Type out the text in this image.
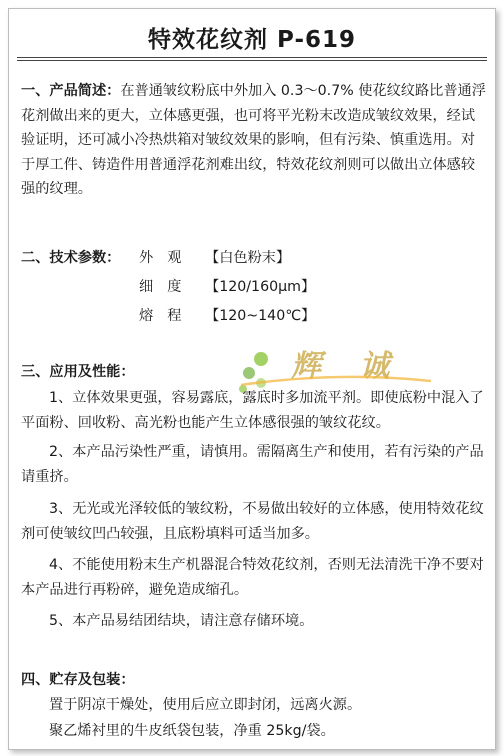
特效花纹剂 P-619
一、产品简述：在普通皱纹粉底中外加入 0.3～0.7% 使花纹纹路比普通浮花剂做出来的更大，立体感更强，也可将平光粉末改造成皱纹效果，经试验证明，还可减小冷热烘箱对皱纹效果的影响，但有污染、慎重选用。对于厚工件、铸造件用普通浮花剂难出纹，特效花纹剂则可以做出立体感较强的纹理。
二、技术参数： 外观 【白色粉末】
细度 【120/160μm】
熔程 【120~140℃】
辉 诚
三、应用及性能：
1、立体效果更强，容易露底，露底时多加流平剂。即使底粉中混入了平面粉、回收粉、高光粉也能产生立体感很强的皱纹花纹。
2、本产品污染性严重，请慎用。需隔离生产和使用，若有污染的产品请重挤。
3、无光或光泽较低的皱纹粉，不易做出较好的立体感，使用特效花纹剂可使皱纹凹凸较强，且底粉填料可适当加多。
4、不能使用粉末生产机器混合特效花纹剂，否则无法清洗干净不要对本产品进行再粉碎，避免造成缩孔。
5、本产品易结团结块，请注意存储环境。
四、贮存及包装：
置于阴凉干燥处，使用后应立即封闭，远离火源。
聚乙烯衬里的牛皮纸袋包装，净重 25kg/袋。
